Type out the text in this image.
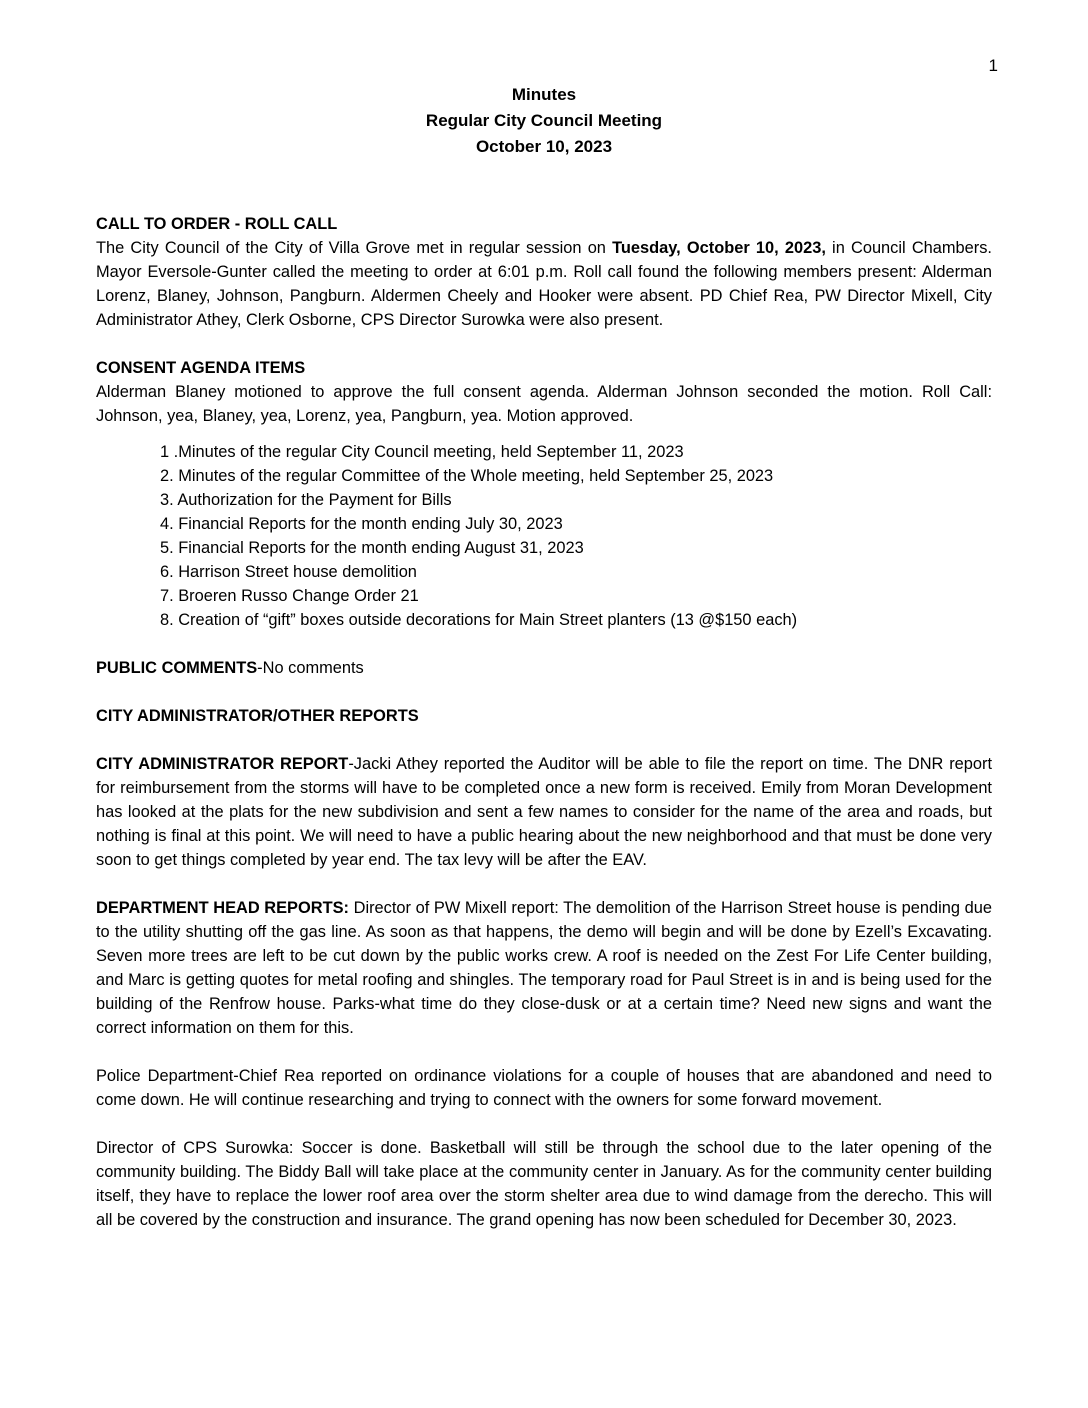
1
Minutes
Regular City Council Meeting
October 10, 2023

CALL TO ORDER - ROLL CALL

The City Council of the City of Villa Grove met in regular session on Tuesday, October 10, 2023, in Council Chambers. Mayor Eversole-Gunter called the meeting to order at 6:01 p.m. Roll call found the following members present: Alderman Lorenz, Blaney, Johnson, Pangburn. Aldermen Cheely and Hooker were absent. PD Chief Rea, PW Director Mixell, City Administrator Athey, Clerk Osborne, CPS Director Surowka were also present.

CONSENT AGENDA ITEMS

Alderman Blaney motioned to approve the full consent agenda. Alderman Johnson seconded the motion. Roll Call: Johnson, yea, Blaney, yea, Lorenz, yea, Pangburn, yea. Motion approved.

1 .Minutes of the regular City Council meeting, held September 11, 2023
2. Minutes of the regular Committee of the Whole meeting, held September 25, 2023
3. Authorization for the Payment for Bills
4. Financial Reports for the month ending July 30, 2023
5. Financial Reports for the month ending August 31, 2023
6. Harrison Street house demolition
7. Broeren Russo Change Order 21
8. Creation of “gift” boxes outside decorations for Main Street planters (13 @$150 each)

PUBLIC COMMENTS-No comments

CITY ADMINISTRATOR/OTHER REPORTS

CITY ADMINISTRATOR REPORT-Jacki Athey reported the Auditor will be able to file the report on time. The DNR report for reimbursement from the storms will have to be completed once a new form is received. Emily from Moran Development has looked at the plats for the new subdivision and sent a few names to consider for the name of the area and roads, but nothing is final at this point. We will need to have a public hearing about the new neighborhood and that must be done very soon to get things completed by year end. The tax levy will be after the EAV.

DEPARTMENT HEAD REPORTS: Director of PW Mixell report: The demolition of the Harrison Street house is pending due to the utility shutting off the gas line. As soon as that happens, the demo will begin and will be done by Ezell’s Excavating. Seven more trees are left to be cut down by the public works crew. A roof is needed on the Zest For Life Center building, and Marc is getting quotes for metal roofing and shingles. The temporary road for Paul Street is in and is being used for the building of the Renfrow house. Parks-what time do they close-dusk or at a certain time? Need new signs and want the correct information on them for this.

Police Department-Chief Rea reported on ordinance violations for a couple of houses that are abandoned and need to come down. He will continue researching and trying to connect with the owners for some forward movement.

Director of CPS Surowka: Soccer is done. Basketball will still be through the school due to the later opening of the community building. The Biddy Ball will take place at the community center in January. As for the community center building itself, they have to replace the lower roof area over the storm shelter area due to wind damage from the derecho. This will all be covered by the construction and insurance. The grand opening has now been scheduled for December 30, 2023.
